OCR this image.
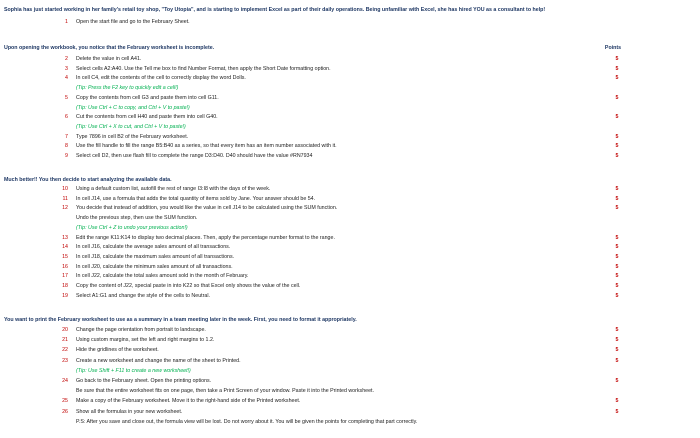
Sophia has just started working in her family's retail toy shop, "Toy Utopia", and is starting to implement Excel as part of their daily operations. Being unfamiliar with Excel, she has hired YOU as a consultant to help!
1 Open the start file and go to the February Sheet.
Upon opening the workbook, you notice that the February worksheet is incomplete.	Points
2 Delete the value in cell A41.	5
3 Select cells A2:A40. Use the Tell me box to find Number Format, then apply the Short Date formatting option.	5
4 In cell C4, edit the contents of the cell to correctly display the word Dolls.	5
(Tip: Press the F2 key to quickly edit a cell!)
5 Copy the contents from cell G3 and paste them into cell G11.	5
(Tip: Use Ctrl + C to copy, and Ctrl + V to paste!)
6 Cut the contents from cell H40 and paste them into cell G40.	5
(Tip: Use Ctrl + X to cut, and Ctrl + V to paste!)
7 Type 7896 in cell B2 of the February worksheet.	5
8 Use the fill handle to fill the range B5:B40 as a series, so that every item has an item number associated with it.	5
9 Select cell D2, then use flash fill to complete the range D3:D40. D40 should have the value #RN7934	5
Much better!! You then decide to start analyzing the available data.
10 Using a default custom list, autofill the rest of range I3:I8 with the days of the week.	5
11 In cell J14, use a formula that adds the total quantity of items sold by Jane. Your answer should be 54.	5
12 You decide that instead of addition, you would like the value in cell J14 to be calculated using the SUM function.	5
Undo the previous step, then use the SUM function.
(Tip: Use Ctrl + Z to undo your previous action!)
13 Edit the range K11:K14 to display two decimal places. Then, apply the percentage number format to the range.	5
14 In cell J16, calculate the average sales amount of all transactions.	5
15 In cell J18, calculate the maximum sales amount of all transactions.	5
16 In cell J20, calculate the minimum sales amount of all transactions.	5
17 In cell J22, calculate the total sales amount sold in the month of February.	5
18 Copy the content of J22, special paste in into K22 so that Excel only shows the value of the cell.	5
19 Select A1:G1 and change the style of the cells to Neutral.	5
You want to print the February worksheet to use as a summary in a team meeting later in the week. First, you need to format it appropriately.
20 Change the page orientation from portrait to landscape.	5
21 Using custom margins, set the left and right margins to 1.2.	5
22 Hide the gridlines of the worksheet.	5
23 Create a new worksheet and change the name of the sheet to Printed.	5
(Tip: Use Shift + F11 to create a new worksheet!)
24 Go back to the February sheet. Open the printing options.	5
Be sure that the entire worksheet fits on one page, then take a Print Screen of your window. Paste it into the Printed worksheet.
25 Make a copy of the February worksheet. Move it to the right-hand side of the Printed worksheet.	5
26 Show all the formulas in your new worksheet.	5
P.S: After you save and close out, the formula view will be lost. Do not worry about it. You will be given the points for completing that part correctly.
